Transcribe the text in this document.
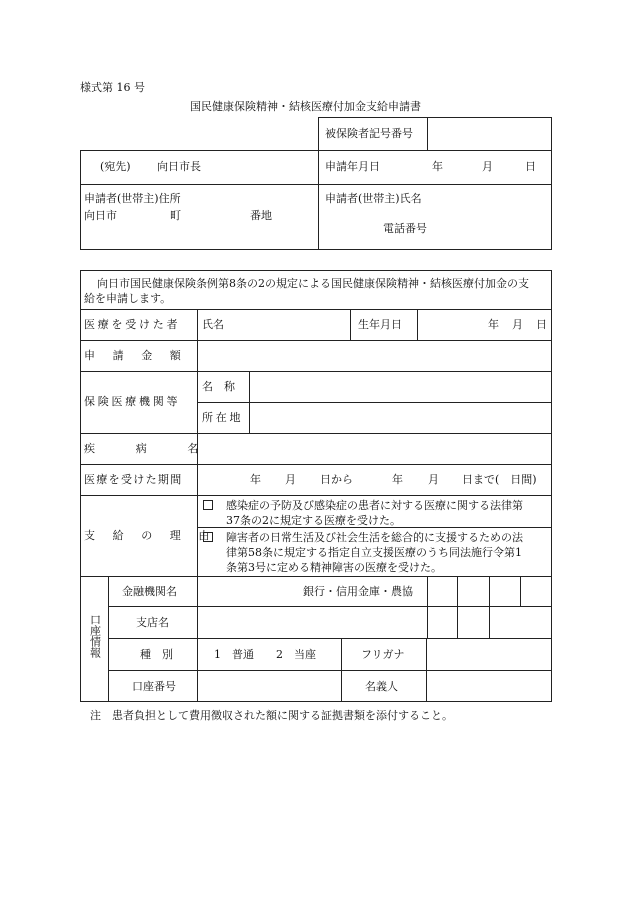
様式第 16 号
国民健康保険精神・結核医療付加金支給申請書
被保険者記号番号
(宛先) 向日市長	申請年月日	年	月	日
申請者(世帯主)住所
向日市	町	番地
申請者(世帯主)氏名
電話番号
向日市国民健康保険条例第8条の2の規定による国民健康保険精神・結核医療付加金の支
給を申請します。
医療を受けた者 氏名	生年月日	年 月 日
申請金額
保険医療機関等
名　称
所在地
疾病名
医療を受けた期間	年 月 日から	年 月 日まで(　日間)
支給の理由
感染症の予防及び感染症の患者に対する医療に関する法律第
37条の2に規定する医療を受けた。
障害者の日常生活及び社会生活を総合的に支援するための法
律第58条に規定する指定自立支援医療のうち同法施行令第1
条第3号に定める精神障害の医療を受けた。
口座情報
金融機関名	銀行・信用金庫・農協
支店名
種　別	1　普通　　2　当座	フリガナ
口座番号	名義人
注　患者負担として費用徴収された額に関する証拠書類を添付すること。
